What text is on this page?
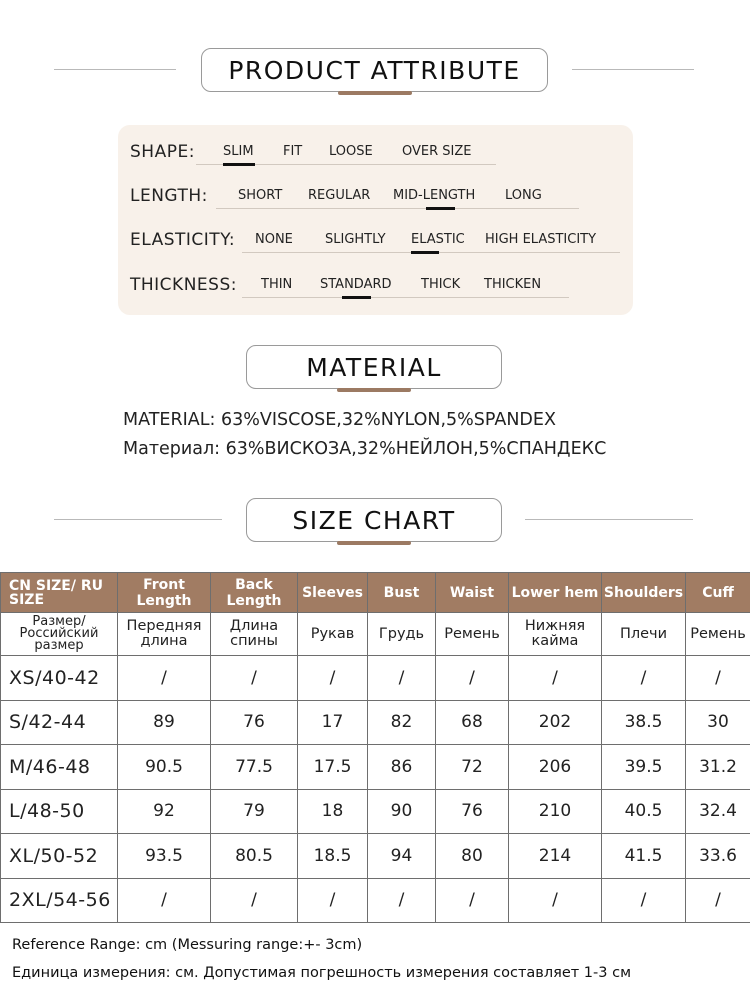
PRODUCT ATTRIBUTE
SHAPE: SLIM FIT LOOSE OVER SIZE
LENGTH: SHORT REGULAR MID-LENGTH LONG
ELASTICITY: NONE SLIGHTLY ELASTIC HIGH ELASTICITY
THICKNESS: THIN STANDARD THICK THICKEN
MATERIAL
MATERIAL: 63%VISCOSE,32%NYLON,5%SPANDEX
Материал: 63%ВИСКОЗА,32%НЕЙЛОН,5%СПАНДЕКС
SIZE CHART
CN SIZE/ RU SIZE	Front Length	Back Length	Sleeves	Bust	Waist	Lower hem	Shoulders	Cuff
Размер/ Российский размер	Передняя длина	Длина спины	Рукав	Грудь	Ремень	Нижняя кайма	Плечи	Ремень
XS/40-42	/	/	/	/	/	/	/	/
S/42-44	89	76	17	82	68	202	38.5	30
M/46-48	90.5	77.5	17.5	86	72	206	39.5	31.2
L/48-50	92	79	18	90	76	210	40.5	32.4
XL/50-52	93.5	80.5	18.5	94	80	214	41.5	33.6
2XL/54-56	/	/	/	/	/	/	/	/
Reference Range: cm (Messuring range:+- 3cm)
Единица измерения: см. Допустимая погрешность измерения составляет 1-3 см
